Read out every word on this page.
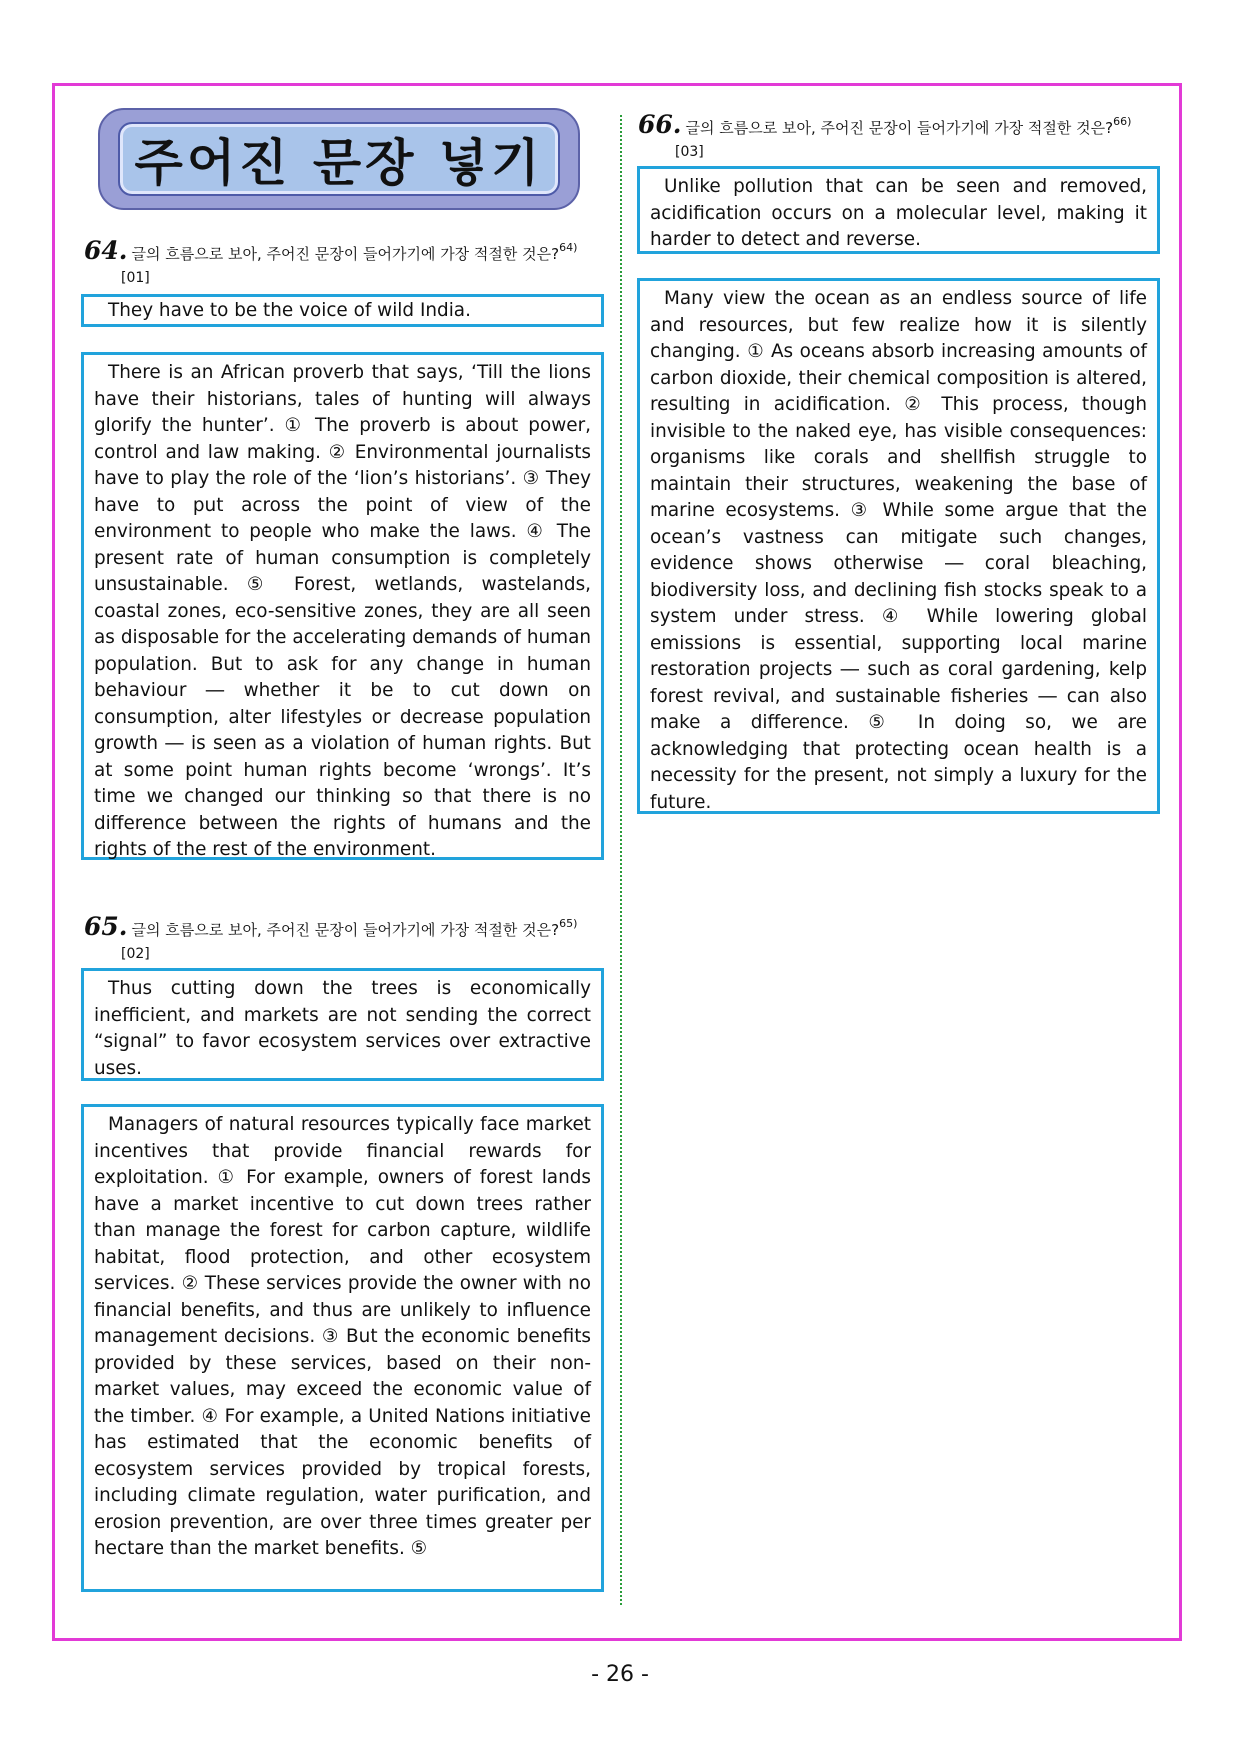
주어진 문장 넣기
64. 글의 흐름으로 보아, 주어진 문장이 들어가기에 가장 적절한 것은?$^{64)}$
[01]

They have to be the voice of wild India.

There is an African proverb that says, ‘Till the lions have their historians, tales of hunting will always glorify the hunter’. ① The proverb is about power, control and law making. ② Environmental journalists have to play the role of the ‘lion’s historians’. ③ They have to put across the point of view of the environment to people who make the laws. ④ The present rate of human consumption is completely unsustainable. ⑤ Forest, wetlands, wastelands, coastal zones, eco-sensitive zones, they are all seen as disposable for the accelerating demands of human population. But to ask for any change in human behaviour ― whether it be to cut down on consumption, alter lifestyles or decrease population growth ― is seen as a violation of human rights. But at some point human rights become ‘wrongs’. It’s time we changed our thinking so that there is no difference between the rights of humans and the rights of the rest of the environment.

65. 글의 흐름으로 보아, 주어진 문장이 들어가기에 가장 적절한 것은?$^{65)}$
[02]

Thus cutting down the trees is economically inefficient, and markets are not sending the correct “signal” to favor ecosystem services over extractive uses.

Managers of natural resources typically face market incentives that provide financial rewards for exploitation. ① For example, owners of forest lands have a market incentive to cut down trees rather than manage the forest for carbon capture, wildlife habitat, flood protection, and other ecosystem services. ② These services provide the owner with no financial benefits, and thus are unlikely to influence management decisions. ③ But the economic benefits provided by these services, based on their non-market values, may exceed the economic value of the timber. ④ For example, a United Nations initiative has estimated that the economic benefits of ecosystem services provided by tropical forests, including climate regulation, water purification, and erosion prevention, are over three times greater per hectare than the market benefits. ⑤

66. 글의 흐름으로 보아, 주어진 문장이 들어가기에 가장 적절한 것은?$^{66)}$
[03]

Unlike pollution that can be seen and removed, acidification occurs on a molecular level, making it harder to detect and reverse.

Many view the ocean as an endless source of life and resources, but few realize how it is silently changing. ① As oceans absorb increasing amounts of carbon dioxide, their chemical composition is altered, resulting in acidification. ② This process, though invisible to the naked eye, has visible consequences: organisms like corals and shellfish struggle to maintain their structures, weakening the base of marine ecosystems. ③ While some argue that the ocean’s vastness can mitigate such changes, evidence shows otherwise ― coral bleaching, biodiversity loss, and declining fish stocks speak to a system under stress. ④ While lowering global emissions is essential, supporting local marine restoration projects ― such as coral gardening, kelp forest revival, and sustainable fisheries ― can also make a difference. ⑤ In doing so, we are acknowledging that protecting ocean health is a necessity for the present, not simply a luxury for the future.

- 26 -
